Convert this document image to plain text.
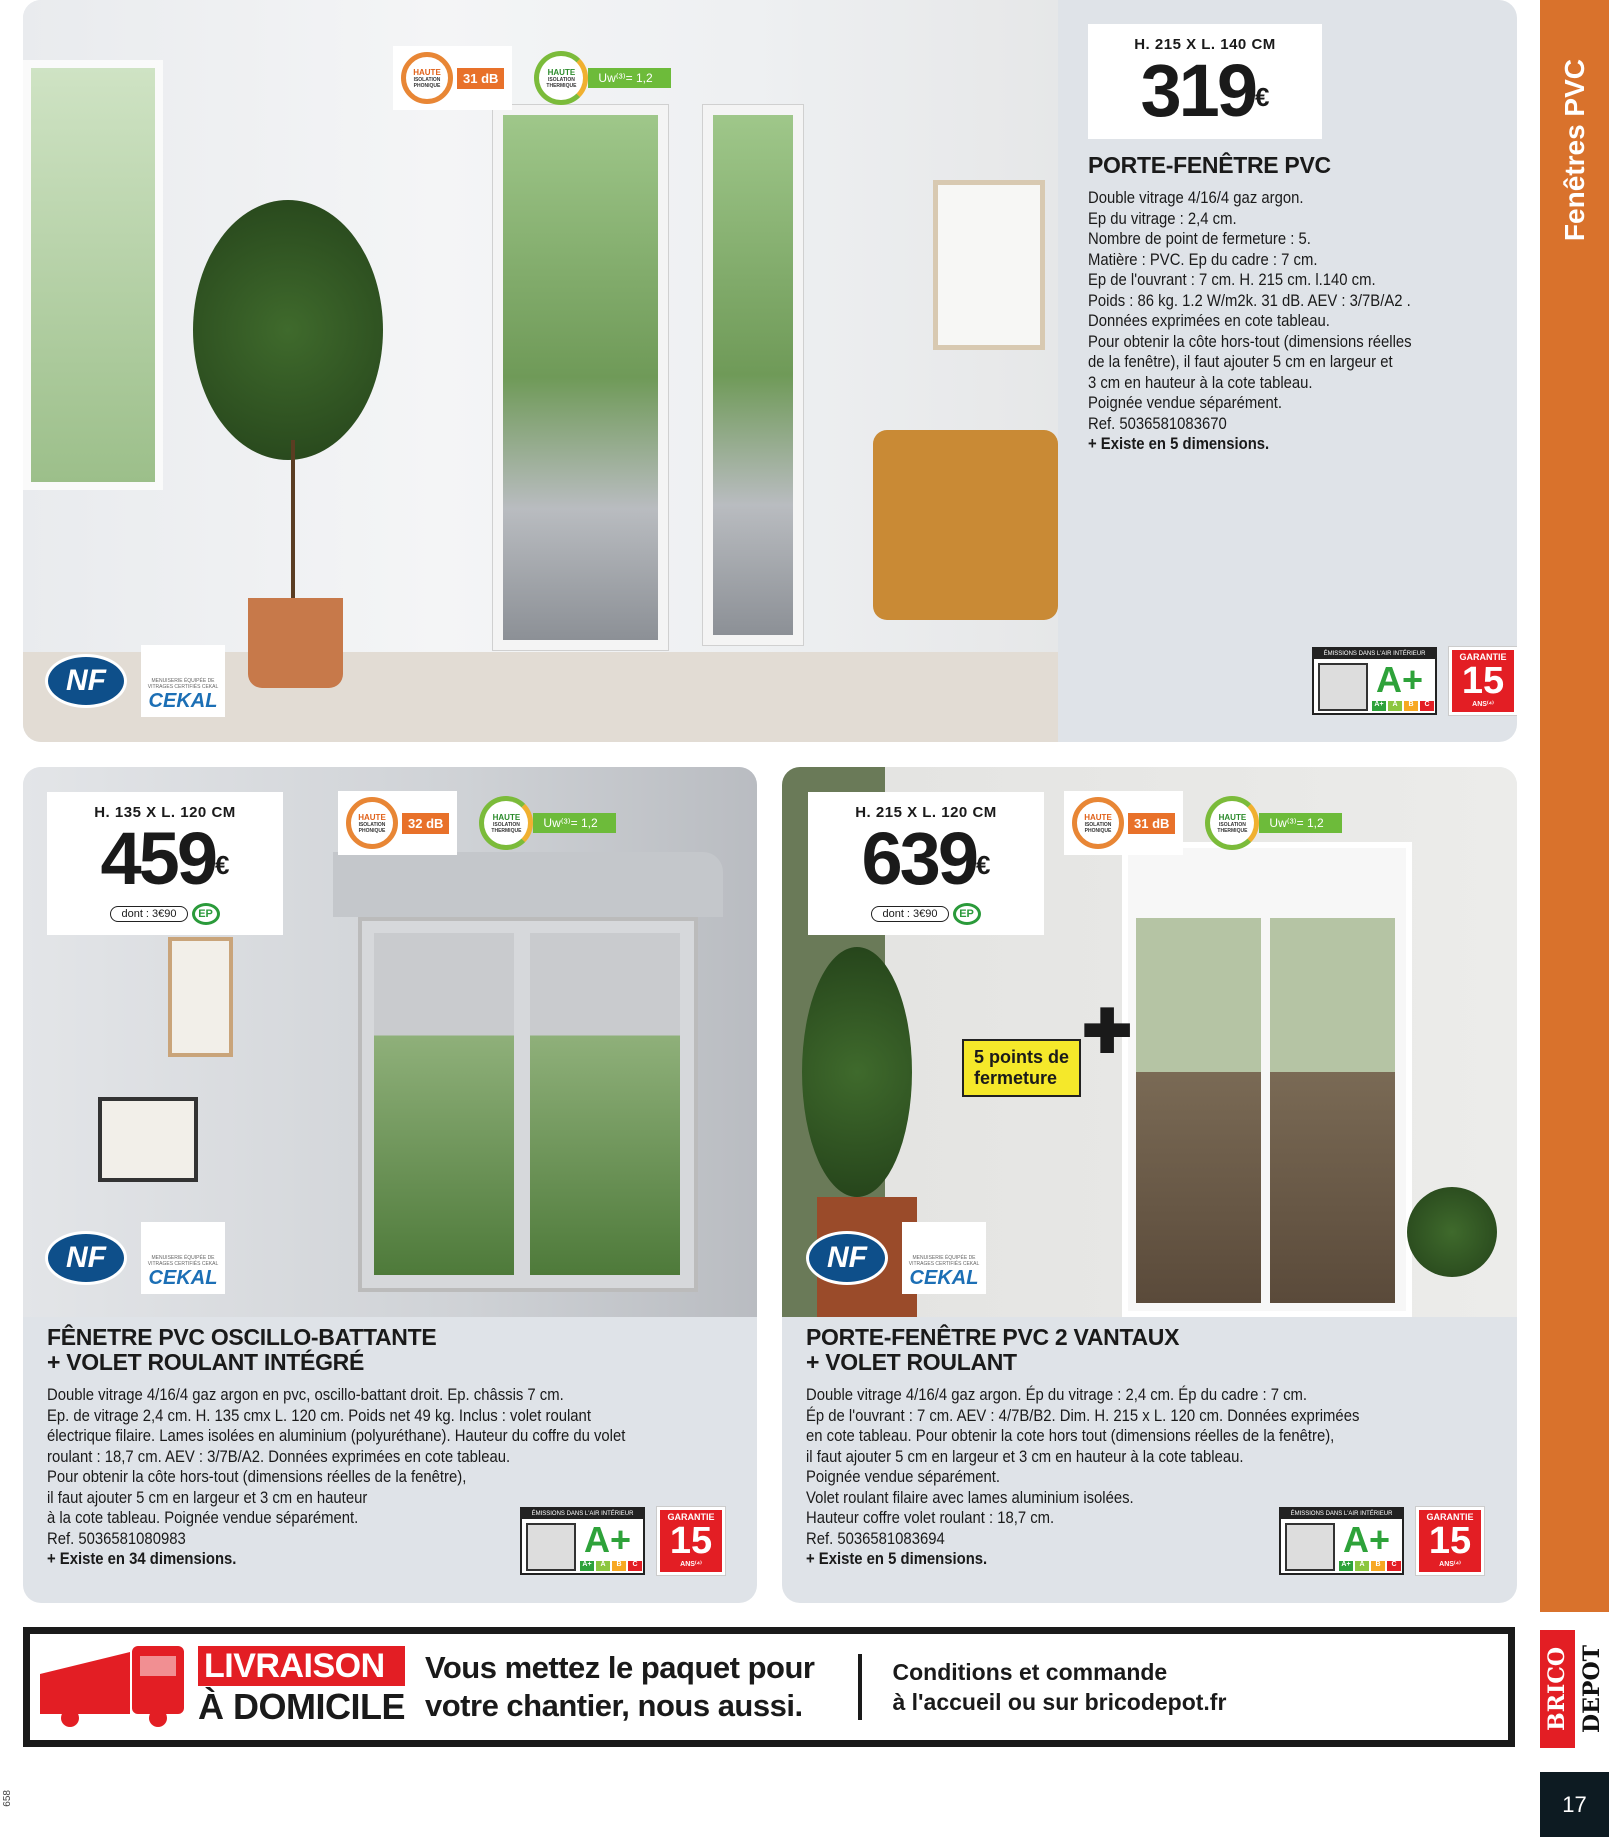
Fenêtres PVC
BRICO DEPOT
17
658
HAUTE
ISOLATION PHONIQUE	31 dB	HAUTE
ISOLATION THERMIQUE
Uw⁽³⁾= 1,2
NF	MENUISERIE ÉQUIPÉE DE VITRAGES CERTIFIÉS CEKAL
CEKAL
H. 215 X L. 140 CM
319€
PORTE-FENÊTRE PVC
Double vitrage 4/16/4 gaz argon.
Ep du vitrage : 2,4 cm.
Nombre de point de fermeture : 5.
Matière : PVC. Ep du cadre : 7 cm.
Ep de l'ouvrant : 7 cm. H. 215 cm. l.140 cm.
Poids : 86 kg. 1.2 W/m2k. 31 dB. AEV : 3/7B/A2 .
Données exprimées en cote tableau.
Pour obtenir la côte hors-tout (dimensions réelles
de la fenêtre), il faut ajouter 5 cm en largeur et
3 cm en hauteur à la cote tableau.
Poignée vendue séparément.
Ref. 5036581083670
+ Existe en 5 dimensions.
ÉMISSIONS DANS L'AIR INTÉRIEUR
A+
A+	A	B	C
GARANTIE
15
ANS⁽⁴⁾
HAUTE
ISOLATION PHONIQUE	32 dB	HAUTE
ISOLATION THERMIQUE
Uw⁽³⁾= 1,2
NF	MENUISERIE ÉQUIPÉE DE VITRAGES CERTIFIÉS CEKAL
CEKAL
H. 135 X L. 120 CM
459€
dont : 3€90	EP
FÊNETRE PVC OSCILLO-BATTANTE
+ VOLET ROULANT INTÉGRÉ
Double vitrage 4/16/4 gaz argon en pvc, oscillo-battant droit. Ep. châssis 7 cm.
Ep. de vitrage 2,4 cm. H. 135 cmx L. 120 cm. Poids net 49 kg. Inclus : volet roulant
électrique filaire. Lames isolées en aluminium (polyuréthane). Hauteur du coffre du volet
roulant : 18,7 cm. AEV : 3/7B/A2. Données exprimées en cote tableau.
Pour obtenir la côte hors-tout (dimensions réelles de la fenêtre),
il faut ajouter 5 cm en largeur et 3 cm en hauteur
à la cote tableau. Poignée vendue séparément.
Ref. 5036581080983
+ Existe en 34 dimensions.
ÉMISSIONS DANS L'AIR INTÉRIEUR
A+
A+	A	B	C
GARANTIE
15
ANS⁽⁴⁾
HAUTE
ISOLATION PHONIQUE	31 dB	HAUTE
ISOLATION THERMIQUE
Uw⁽³⁾= 1,2
5 points de
fermeture
✚
NF	MENUISERIE ÉQUIPÉE DE VITRAGES CERTIFIÉS CEKAL
CEKAL
H. 215 X L. 120 CM
639€
dont : 3€90	EP
PORTE-FENÊTRE PVC 2 VANTAUX
+ VOLET ROULANT
Double vitrage 4/16/4 gaz argon. Ép du vitrage : 2,4 cm. Ép du cadre : 7 cm.
Ép de l'ouvrant : 7 cm. AEV : 4/7B/B2. Dim. H. 215 x L. 120 cm. Données exprimées
en cote tableau. Pour obtenir la cote hors tout (dimensions réelles de la fenêtre),
il faut ajouter 5 cm en largeur et 3 cm en hauteur à la cote tableau.
Poignée vendue séparément.
Volet roulant filaire avec lames aluminium isolées.
Hauteur coffre volet roulant : 18,7 cm.
Ref. 5036581083694
+ Existe en 5 dimensions.
ÉMISSIONS DANS L'AIR INTÉRIEUR
A+
A+	A	B	C
GARANTIE
15
ANS⁽⁴⁾
LIVRAISON
À DOMICILE
Vous mettez le paquet pour
votre chantier, nous aussi.
Conditions et commande
à l'accueil ou sur bricodepot.fr
